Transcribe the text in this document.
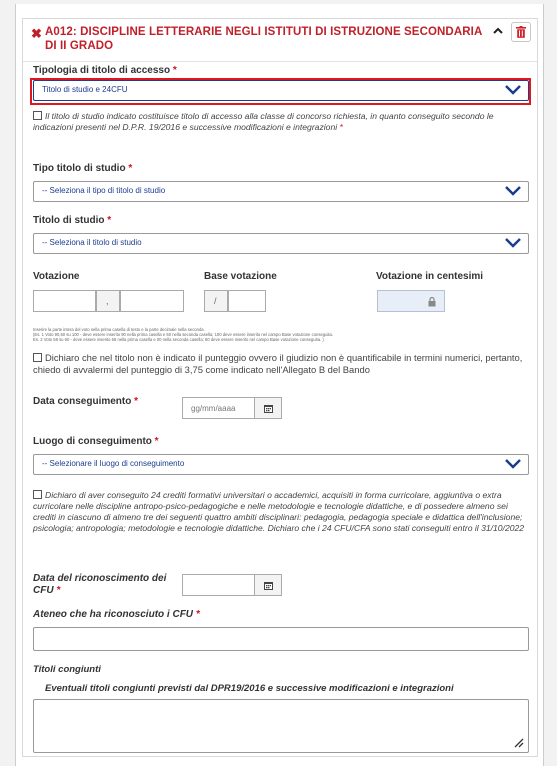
✖ A012: DISCIPLINE LETTERARIE NEGLI ISTITUTI DI ISTRUZIONE SECONDARIA DI II GRADO
Tipologia di titolo di accesso *
Titolo di studio e 24CFU
Il titolo di studio indicato costituisce titolo di accesso alla classe di concorso richiesta, in quanto conseguito secondo le indicazioni presenti nel D.P.R. 19/2016 e successive modificazioni e integrazioni *
Tipo titolo di studio *
-- Seleziona il tipo di titolo di studio
Titolo di studio *
-- Seleziona il titolo di studio
Votazione	Base votazione	Votazione in centesimi
,	/
Inserire la parte intera del voto nella prima casella di testo e la parte decimale nella seconda.
(Es. 1 Voto 90,50 su 100 - deve essere inserito 90 nella prima casella e 50 nella seconda casella; 100 deve essere inserito nel campo Base votazione conseguita.
Es. 2 Voto 58 su 60 - deve essere inserito 58 nella prima casella e 00 nella seconda casella; 60 deve essere inserito nel campo Base votazione conseguita. )
Dichiaro che nel titolo non è indicato il punteggio ovvero il giudizio non è quantificabile in termini numerici, pertanto, chiedo di avvalermi del punteggio di 3,75 come indicato nell'Allegato B del Bando
Data conseguimento *
gg/mm/aaaa
Luogo di conseguimento *
-- Selezionare il luogo di conseguimento
Dichiaro di aver conseguito 24 crediti formativi universitari o accademici, acquisiti in forma curricolare, aggiuntiva o extra curricolare nelle discipline antropo-psico-pedagogiche e nelle metodologie e tecnologie didattiche, e di possedere almeno sei crediti in ciascuno di almeno tre dei seguenti quattro ambiti disciplinari: pedagogia, pedagogia speciale e didattica dell'inclusione; psicologia; antropologia; metodologie e tecnologie didattiche. Dichiaro che i 24 CFU/CFA sono stati conseguiti entro il 31/10/2022
Data del riconoscimento dei
CFU *
Ateneo che ha riconosciuto i CFU *
Titoli congiunti
Eventuali titoli congiunti previsti dal DPR19/2016 e successive modificazioni e integrazioni
